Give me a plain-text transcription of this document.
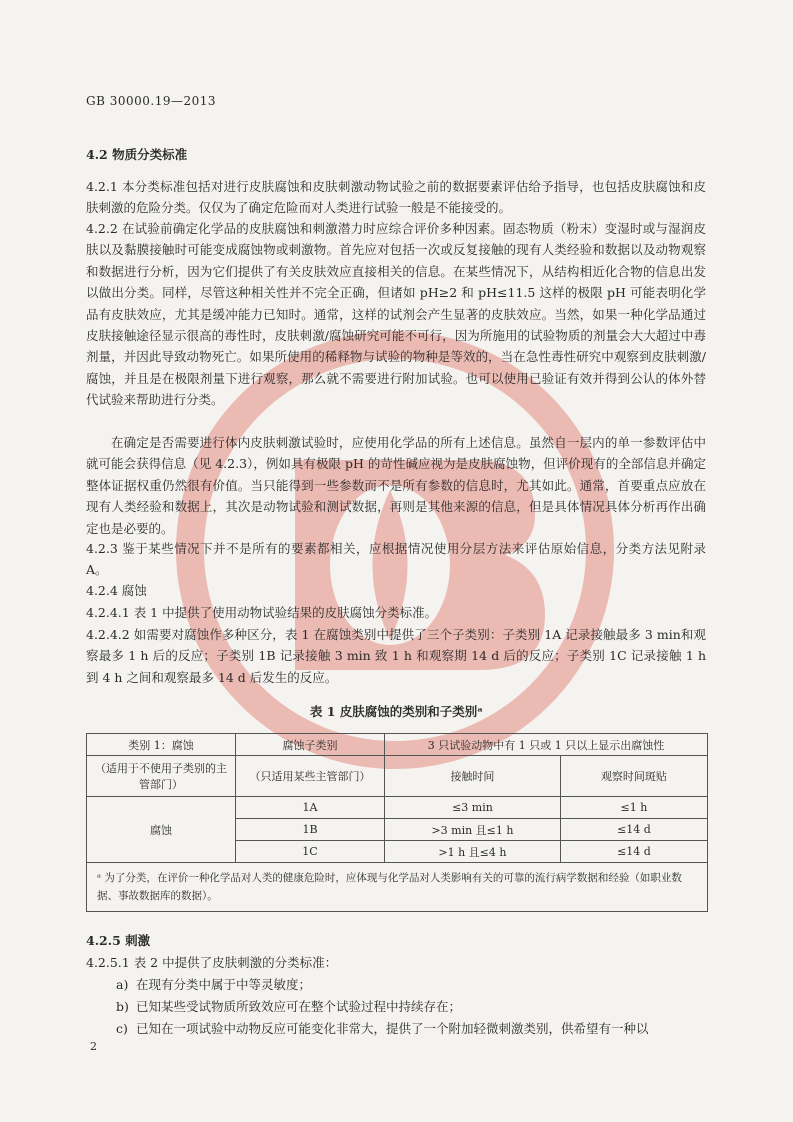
GB 30000.19—2013
4.2 物质分类标准
4.2.1 本分类标准包括对进行皮肤腐蚀和皮肤刺激动物试验之前的数据要素评估给予指导，也包括皮肤腐蚀和皮肤刺激的危险分类。仅仅为了确定危险而对人类进行试验一般是不能接受的。
4.2.2 在试验前确定化学品的皮肤腐蚀和刺激潜力时应综合评价多种因素。固态物质（粉末）变湿时或与湿润皮肤以及黏膜接触时可能变成腐蚀物或刺激物。首先应对包括一次或反复接触的现有人类经验和数据以及动物观察和数据进行分析，因为它们提供了有关皮肤效应直接相关的信息。在某些情况下，从结构相近化合物的信息出发以做出分类。同样，尽管这种相关性并不完全正确，但诸如 pH≥2 和 pH≤11.5 这样的极限 pH 可能表明化学品有皮肤效应，尤其是缓冲能力已知时。通常，这样的试剂会产生显著的皮肤效应。当然，如果一种化学品通过皮肤接触途径显示很高的毒性时，皮肤刺激/腐蚀研究可能不可行，因为所施用的试验物质的剂量会大大超过中毒剂量，并因此导致动物死亡。如果所使用的稀释物与试验的物种是等效的，当在急性毒性研究中观察到皮肤刺激/腐蚀，并且是在极限剂量下进行观察，那么就不需要进行附加试验。也可以使用已验证有效并得到公认的体外替代试验来帮助进行分类。
在确定是否需要进行体内皮肤刺激试验时，应使用化学品的所有上述信息。虽然自一层内的单一参数评估中就可能会获得信息（见 4.2.3），例如具有极限 pH 的苛性碱应视为是皮肤腐蚀物，但评价现有的全部信息并确定整体证据权重仍然很有价值。当只能得到一些参数而不是所有参数的信息时，尤其如此。通常，首要重点应放在现有人类经验和数据上，其次是动物试验和测试数据，再则是其他来源的信息，但是具体情况具体分析再作出确定也是必要的。
4.2.3 鉴于某些情况下并不是所有的要素都相关，应根据情况使用分层方法来评估原始信息，分类方法见附录 A。
4.2.4 腐蚀
4.2.4.1 表 1 中提供了使用动物试验结果的皮肤腐蚀分类标准。
4.2.4.2 如需要对腐蚀作多种区分，表 1 在腐蚀类别中提供了三个子类别：子类别 1A 记录接触最多 3 min和观察最多 1 h 后的反应；子类别 1B 记录接触 3 min 致 1 h 和观察期 14 d 后的反应；子类别 1C 记录接触 1 h 到 4 h 之间和观察最多 14 d 后发生的反应。
表 1 皮肤腐蚀的类别和子类别ᵃ
类别 1：腐蚀	腐蚀子类别	3 只试验动物中有 1 只或 1 只以上显示出腐蚀性	
（适用于不使用子类别的主管部门）	（只适用某些主管部门）	接触时间	观察时间斑贴
腐蚀	1A	≤3 min	≤1 h
	1B	>3 min 且≤1 h	≤14 d
	1C	>1 h 且≤4 h	≤14 d
ᵃ 为了分类，在评价一种化学品对人类的健康危险时，应体现与化学品对人类影响有关的可靠的流行病学数据和经验（如职业数据、事故数据库的数据）。			
4.2.5 刺激
4.2.5.1 表 2 中提供了皮肤刺激的分类标准：
a) 在现有分类中属于中等灵敏度；
b) 已知某些受试物质所致效应可在整个试验过程中持续存在；
c) 已知在一项试验中动物反应可能变化非常大，提供了一个附加轻微刺激类别，供希望有一种以
2
